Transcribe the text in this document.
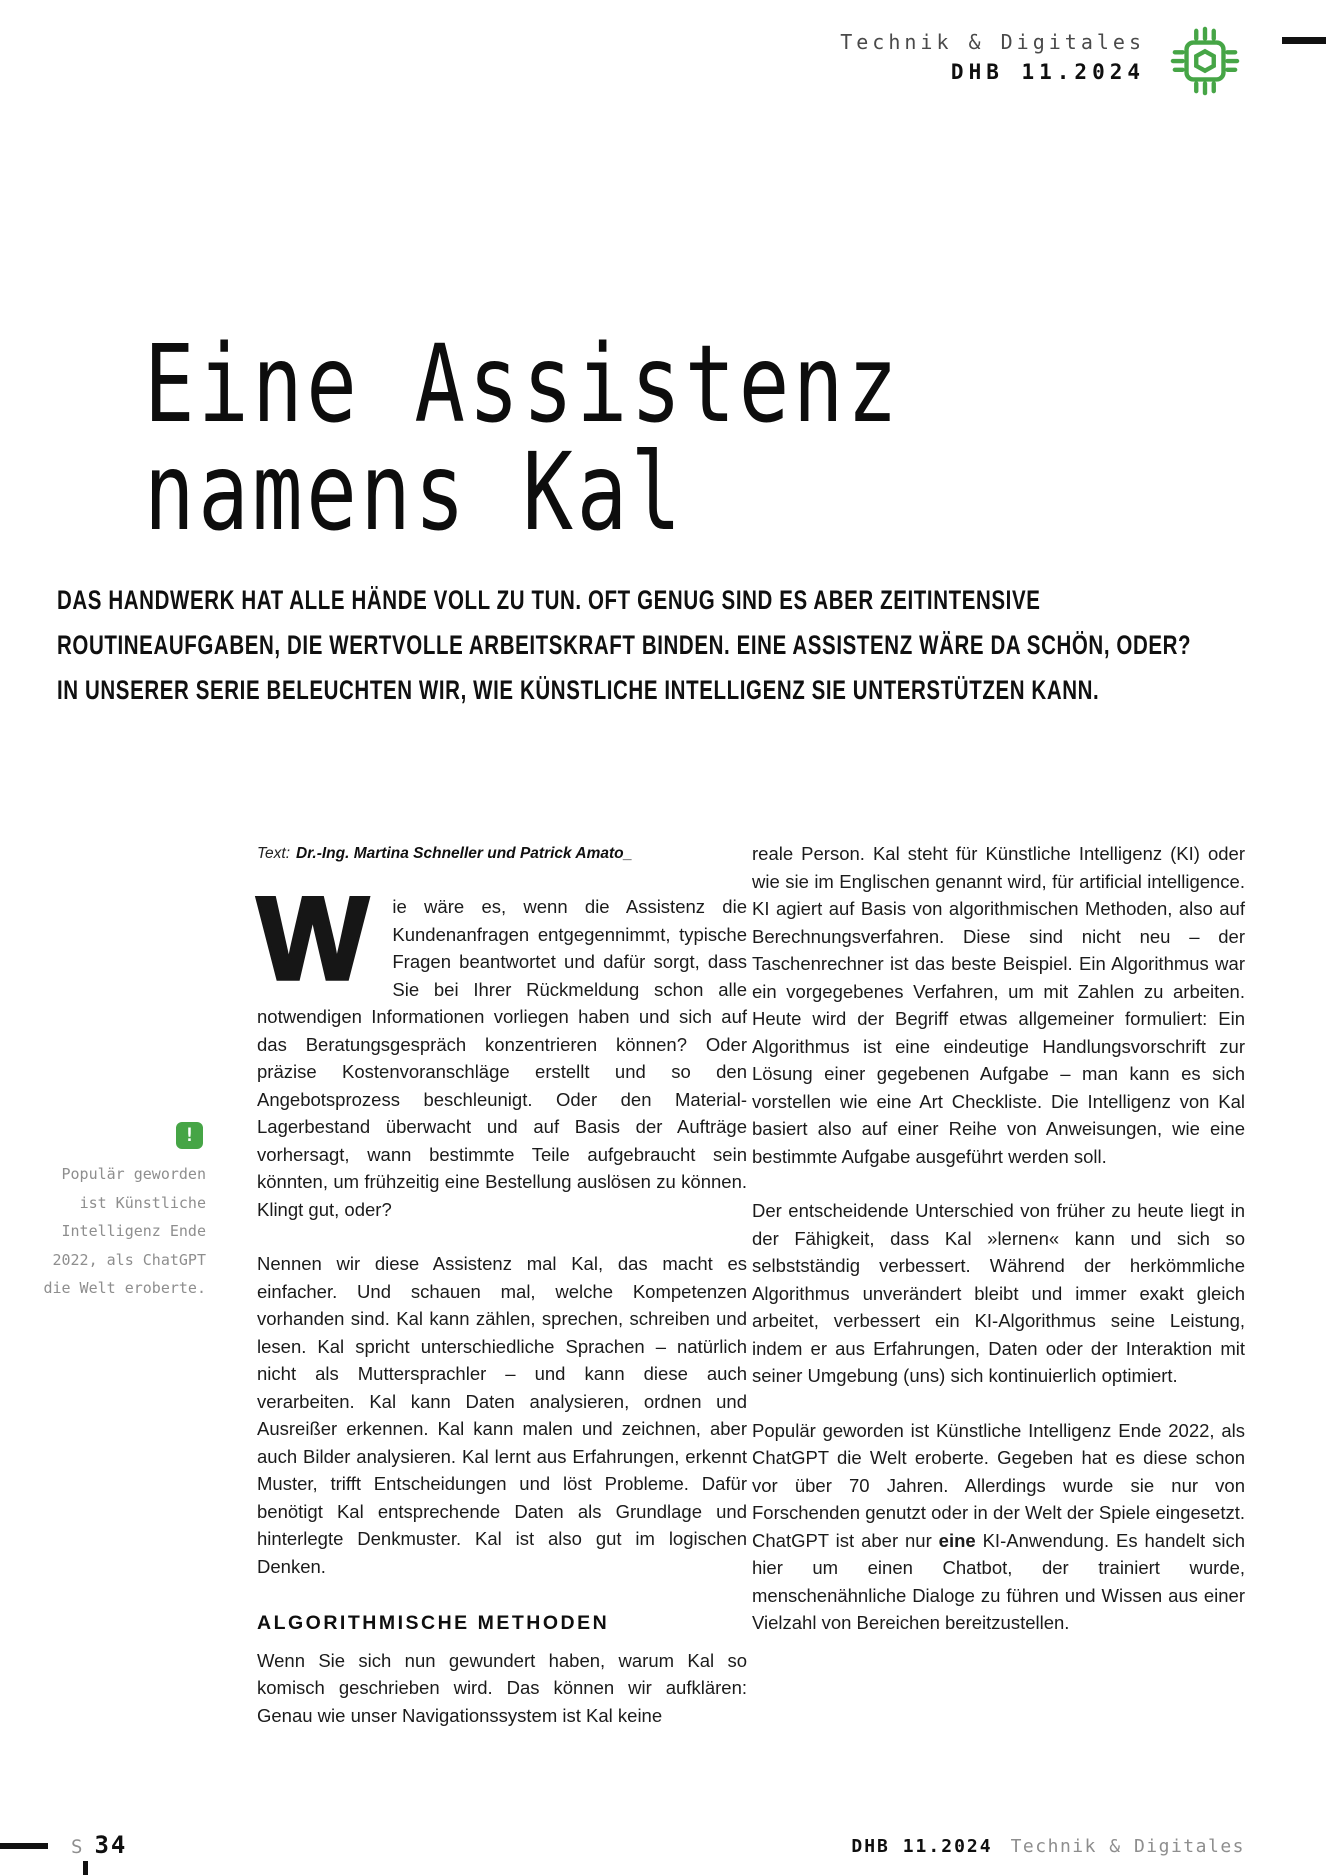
Technik & Digitales
DHB 11.2024
Eine Assistenz
namens Kal
DAS HANDWERK HAT ALLE HÄNDE VOLL ZU TUN. OFT GENUG SIND ES ABER ZEITINTENSIVE
ROUTINEAUFGABEN, DIE WERTVOLLE ARBEITSKRAFT BINDEN. EINE ASSISTENZ WÄRE DA SCHÖN, ODER?
IN UNSERER SERIE BELEUCHTEN WIR, WIE KÜNSTLICHE INTELLIGENZ SIE UNTERSTÜTZEN KANN.
Text: Dr.-Ing. Martina Schneller und Patrick Amato_
!
Populär geworden ist Künstliche Intelligenz Ende 2022, als ChatGPT die Welt eroberte.

W ie wäre es, wenn die Assistenz die Kundenanfragen entgegennimmt, typische Fragen beantwortet und dafür sorgt, dass Sie bei Ihrer Rückmeldung schon alle notwendigen Informationen vorliegen haben und sich auf das Beratungsgespräch konzentrieren können? Oder präzise Kostenvoranschläge erstellt und so den Angebotsprozess beschleunigt. Oder den Material-Lagerbestand überwacht und auf Basis der Aufträge vorhersagt, wann bestimmte Teile aufgebraucht sein könnten, um frühzeitig eine Bestellung auslösen zu können. Klingt gut, oder?

Nennen wir diese Assistenz mal Kal, das macht es einfacher. Und schauen mal, welche Kompetenzen vorhanden sind. Kal kann zählen, sprechen, schreiben und lesen. Kal spricht unterschiedliche Sprachen – natürlich nicht als Muttersprachler – und kann diese auch verarbeiten. Kal kann Daten analysieren, ordnen und Ausreißer erkennen. Kal kann malen und zeichnen, aber auch Bilder analysieren. Kal lernt aus Erfahrungen, erkennt Muster, trifft Entscheidungen und löst Probleme. Dafür benötigt Kal entsprechende Daten als Grundlage und hinterlegte Denkmuster. Kal ist also gut im logischen Denken.

ALGORITHMISCHE METHODEN

Wenn Sie sich nun gewundert haben, warum Kal so komisch geschrieben wird. Das können wir aufklären: Genau wie unser Navigationssystem ist Kal keine

reale Person. Kal steht für Künstliche Intelligenz (KI) oder wie sie im Englischen genannt wird, für artificial intelligence. KI agiert auf Basis von algorithmischen Methoden, also auf Berechnungsverfahren. Diese sind nicht neu – der Taschenrechner ist das beste Beispiel. Ein Algorithmus war ein vorgegebenes Verfahren, um mit Zahlen zu arbeiten. Heute wird der Begriff etwas allgemeiner formuliert: Ein Algorithmus ist eine eindeutige Handlungsvorschrift zur Lösung einer gegebenen Aufgabe – man kann es sich vorstellen wie eine Art Checkliste. Die Intelligenz von Kal basiert also auf einer Reihe von Anweisungen, wie eine bestimmte Aufgabe ausgeführt werden soll.

Der entscheidende Unterschied von früher zu heute liegt in der Fähigkeit, dass Kal »lernen« kann und sich so selbstständig verbessert. Während der herkömmliche Algorithmus unverändert bleibt und immer exakt gleich arbeitet, verbessert ein KI-Algorithmus seine Leistung, indem er aus Erfahrungen, Daten oder der Interaktion mit seiner Umgebung (uns) sich kontinuierlich optimiert.

Populär geworden ist Künstliche Intelligenz Ende 2022, als ChatGPT die Welt eroberte. Gegeben hat es diese schon vor über 70 Jahren. Allerdings wurde sie nur von Forschenden genutzt oder in der Welt der Spiele eingesetzt. ChatGPT ist aber nur eine KI-Anwendung. Es handelt sich hier um einen Chatbot, der trainiert wurde, menschenähnliche Dialoge zu führen und Wissen aus einer Vielzahl von Bereichen bereitzustellen.

S 34	DHB 11.2024 Technik & Digitales
